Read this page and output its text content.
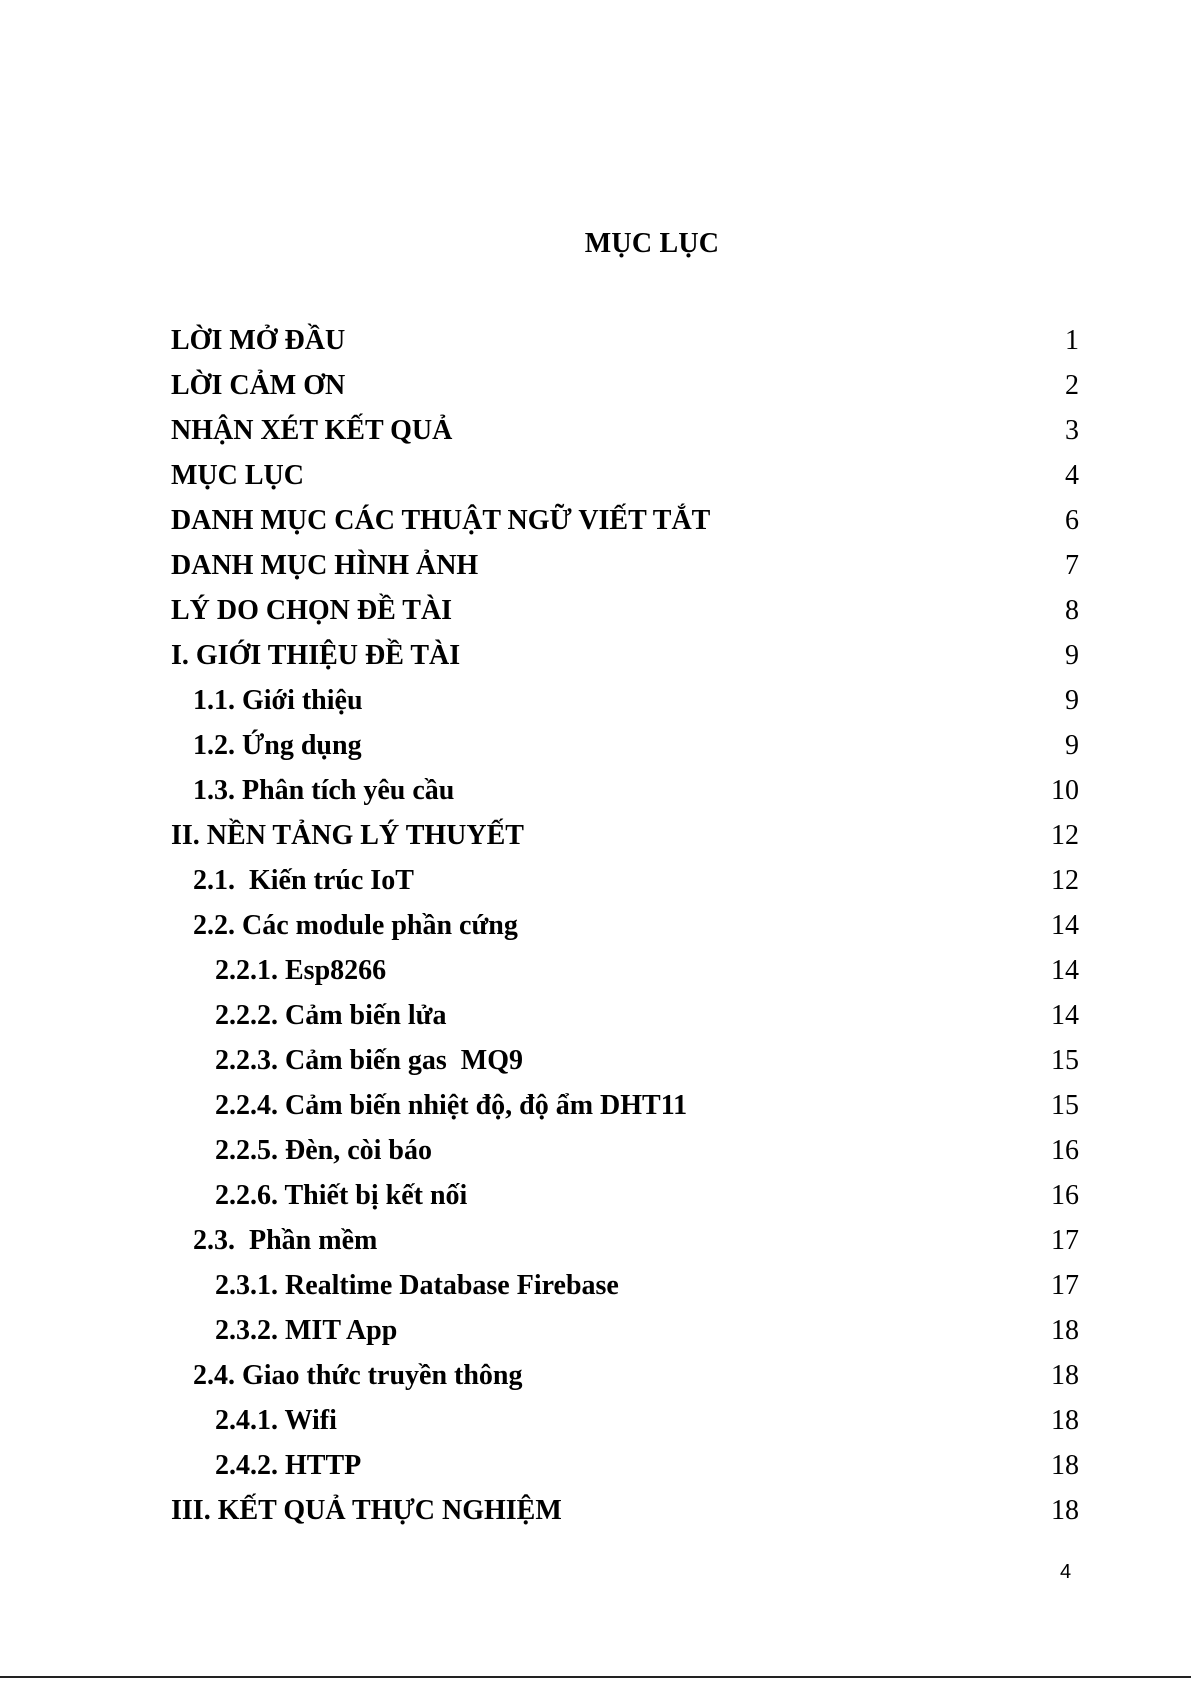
MỤC LỤC
LỜI MỞ ĐẦU	1
LỜI CẢM ƠN	2
NHẬN XÉT KẾT QUẢ	3
MỤC LỤC	4
DANH MỤC CÁC THUẬT NGỮ VIẾT TẮT	6
DANH MỤC HÌNH ẢNH	7
LÝ DO CHỌN ĐỀ TÀI	8
I. GIỚI THIỆU ĐỀ TÀI	9
1.1. Giới thiệu	9
1.2. Ứng dụng	9
1.3. Phân tích yêu cầu	10
II. NỀN TẢNG LÝ THUYẾT	12
2.1.  Kiến trúc IoT	12
2.2. Các module phần cứng	14
2.2.1. Esp8266	14
2.2.2. Cảm biến lửa	14
2.2.3. Cảm biến gas  MQ9	15
2.2.4. Cảm biến nhiệt độ, độ ẩm DHT11	15
2.2.5. Đèn, còi báo	16
2.2.6. Thiết bị kết nối	16
2.3.  Phần mềm	17
2.3.1. Realtime Database Firebase	17
2.3.2. MIT App	18
2.4. Giao thức truyền thông	18
2.4.1. Wifi	18
2.4.2. HTTP	18
III. KẾT QUẢ THỰC NGHIỆM	18
4
